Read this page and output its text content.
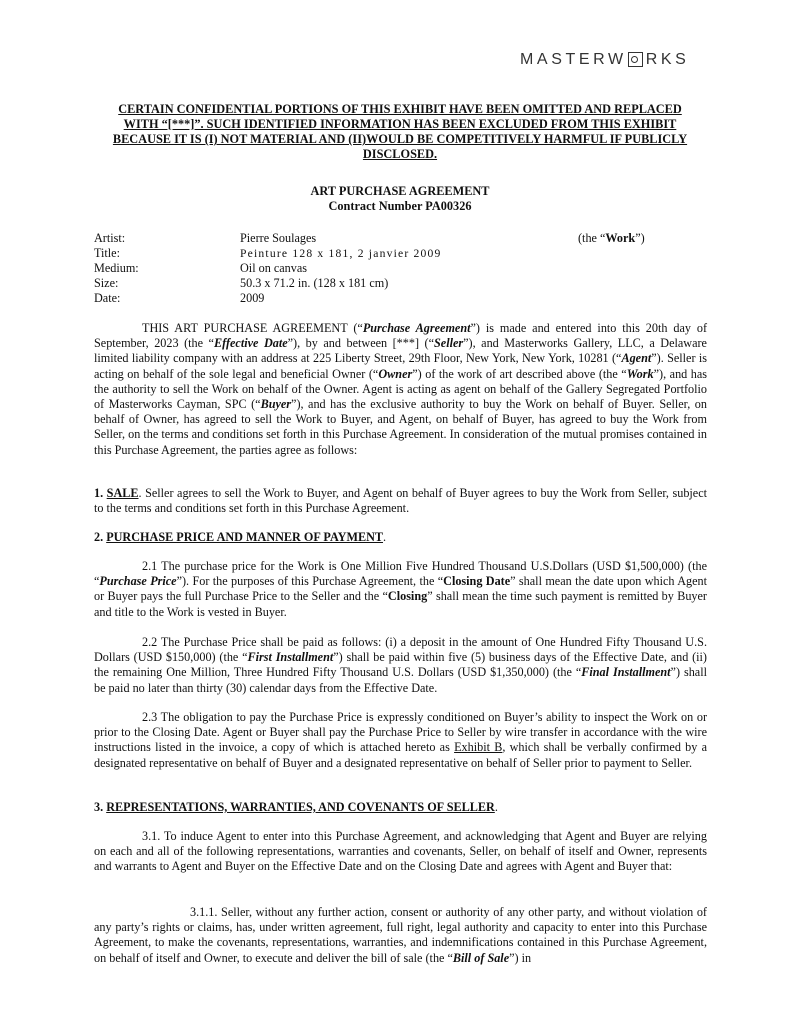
MASTERW RKS
CERTAIN CONFIDENTIAL PORTIONS OF THIS EXHIBIT HAVE BEEN OMITTED AND REPLACED WITH “[***]”. SUCH IDENTIFIED INFORMATION HAS BEEN EXCLUDED FROM THIS EXHIBIT BECAUSE IT IS (I) NOT MATERIAL AND (II)WOULD BE COMPETITIVELY HARMFUL IF PUBLICLY DISCLOSED.
ART PURCHASE AGREEMENT
Contract Number PA00326
Artist:	Pierre Soulages	(the “Work”)
Title:	Peinture 128 x 181, 2 janvier 2009
Medium:	Oil on canvas
Size:	50.3 x 71.2 in. (128 x 181 cm)
Date:	2009
THIS ART PURCHASE AGREEMENT (“Purchase Agreement”) is made and entered into this 20th day of September, 2023 (the “Effective Date”), by and between [***] (“Seller”), and Masterworks Gallery, LLC, a Delaware limited liability company with an address at 225 Liberty Street, 29th Floor, New York, New York, 10281 (“Agent”). Seller is acting on behalf of the sole legal and beneficial Owner (“Owner”) of the work of art described above (the “Work”), and has the authority to sell the Work on behalf of the Owner. Agent is acting as agent on behalf of the Gallery Segregated Portfolio of Masterworks Cayman, SPC (“Buyer”), and has the exclusive authority to buy the Work on behalf of Buyer. Seller, on behalf of Owner, has agreed to sell the Work to Buyer, and Agent, on behalf of Buyer, has agreed to buy the Work from Seller, on the terms and conditions set forth in this Purchase Agreement. In consideration of the mutual promises contained in this Purchase Agreement, the parties agree as follows:
1. SALE. Seller agrees to sell the Work to Buyer, and Agent on behalf of Buyer agrees to buy the Work from Seller, subject to the terms and conditions set forth in this Purchase Agreement.
2. PURCHASE PRICE AND MANNER OF PAYMENT.
2.1 The purchase price for the Work is One Million Five Hundred Thousand U.S.Dollars (USD $1,500,000) (the “Purchase Price”). For the purposes of this Purchase Agreement, the “Closing Date” shall mean the date upon which Agent or Buyer pays the full Purchase Price to the Seller and the “Closing” shall mean the time such payment is remitted by Buyer and title to the Work is vested in Buyer.
2.2 The Purchase Price shall be paid as follows: (i) a deposit in the amount of One Hundred Fifty Thousand U.S. Dollars (USD $150,000) (the “First Installment”) shall be paid within five (5) business days of the Effective Date, and (ii) the remaining One Million, Three Hundred Fifty Thousand U.S. Dollars (USD $1,350,000) (the “Final Installment”) shall be paid no later than thirty (30) calendar days from the Effective Date.
2.3 The obligation to pay the Purchase Price is expressly conditioned on Buyer’s ability to inspect the Work on or prior to the Closing Date. Agent or Buyer shall pay the Purchase Price to Seller by wire transfer in accordance with the wire instructions listed in the invoice, a copy of which is attached hereto as Exhibit B, which shall be verbally confirmed by a designated representative on behalf of Buyer and a designated representative on behalf of Seller prior to payment to Seller.
3. REPRESENTATIONS, WARRANTIES, AND COVENANTS OF SELLER.
3.1. To induce Agent to enter into this Purchase Agreement, and acknowledging that Agent and Buyer are relying on each and all of the following representations, warranties and covenants, Seller, on behalf of itself and Owner, represents and warrants to Agent and Buyer on the Effective Date and on the Closing Date and agrees with Agent and Buyer that:
3.1.1. Seller, without any further action, consent or authority of any other party, and without violation of any party’s rights or claims, has, under written agreement, full right, legal authority and capacity to enter into this Purchase Agreement, to make the covenants, representations, warranties, and indemnifications contained in this Purchase Agreement, on behalf of itself and Owner, to execute and deliver the bill of sale (the “Bill of Sale”) in
